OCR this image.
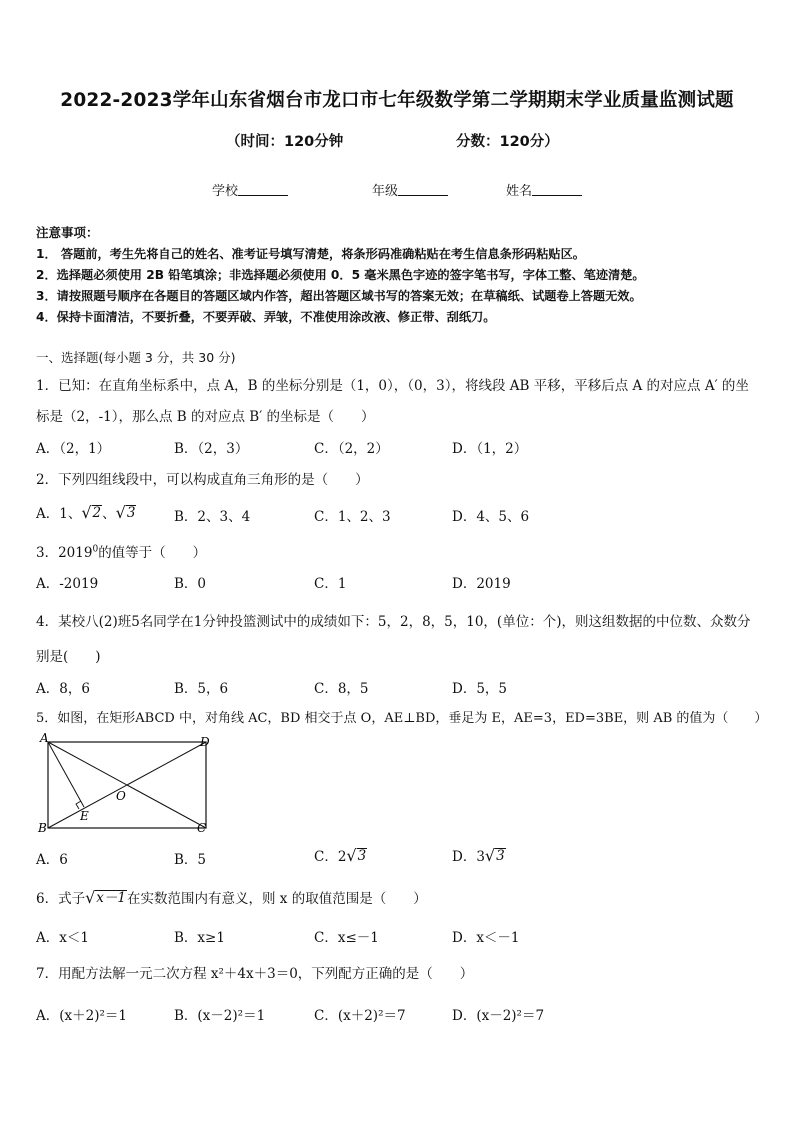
2022-2023学年山东省烟台市龙口市七年级数学第二学期期末学业质量监测试题
（时间：120分钟	分数：120分）
学校	年级	姓名
注意事项：
1． 答题前，考生先将自己的姓名、准考证号填写清楚，将条形码准确粘贴在考生信息条形码粘贴区。
2．选择题必须使用 2B 铅笔填涂；非选择题必须使用 0．5 毫米黑色字迹的签字笔书写，字体工整、笔迹清楚。
3．请按照题号顺序在各题目的答题区域内作答，超出答题区域书写的答案无效；在草稿纸、试题卷上答题无效。
4．保持卡面清洁，不要折叠，不要弄破、弄皱，不准使用涂改液、修正带、刮纸刀。
一、选择题(每小题 3 分，共 30 分)
1．已知：在直角坐标系中，点 A，B 的坐标分别是（1，0），（0，3），将线段 AB 平移，平移后点 A 的对应点 A′ 的坐
标是（2，-1），那么点 B 的对应点 B′ 的坐标是（　　）
A．（2，1）	B．（2，3）	C．（2，2）	D．（1，2）
2．下列四组线段中，可以构成直角三角形的是（　　）
A．1、 √ 2 、 √ 3	B．2、3、4	C．1、2、3	D．4、5、6
3．2019$^0$的值等于（　　）
A．-2019	B．0	C．1	D．2019
4．某校八(2)班5名同学在1分钟投篮测试中的成绩如下：5，2，8，5，10，(单位：个)，则这组数据的中位数、众数分
别是(　　)
A．8，6	B．5，6	C．8，5	D．5，5
5．如图，在矩形ABCD 中，对角线 AC，BD 相交于点 O，AE⊥BD，垂足为 E，AE=3，ED=3BE，则 AB 的值为（　　）
A	D
B	C
O
E
A．6	B．5	C．2 √ 3	D．3 √ 3
6．式子 √ x－1 在实数范围内有意义，则 x 的取值范围是（　　）
A．x＜1	B．x≥1	C．x≤－1	D．x＜－1
7．用配方法解一元二次方程 x²＋4x＋3＝0，下列配方正确的是（　　）
A．(x＋2)²＝1	B．(x－2)²＝1	C．(x＋2)²＝7	D．(x－2)²＝7
